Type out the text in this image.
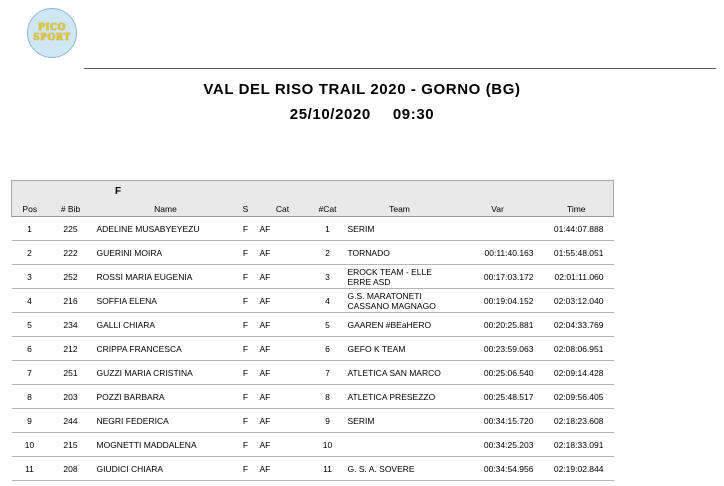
PICO
SPORT
VAL DEL RISO TRAIL 2020 - GORNO (BG)
25/10/2020 09:30
F								
Pos	# Bib	Name	S	Cat	#Cat	Team	Var	Time
1	225	ADELINE MUSABYEYEZU	F	AF	1	SERIM		01:44:07.888
2	222	GUERINI MOIRA	F	AF	2	TORNADO	00:11:40.163	01:55:48.051
3	252	ROSSI MARIA EUGENIA	F	AF	3	EROCK TEAM - ELLE ERRE ASD	00:17:03.172	02:01:11.060
4	216	SOFFIA ELENA	F	AF	4	G.S. MARATONETI CASSANO MAGNAGO	00:19:04.152	02:03:12.040
5	234	GALLI CHIARA	F	AF	5	GAAREN #BEaHERO	00:20:25.881	02:04:33.769
6	212	CRIPPA FRANCESCA	F	AF	6	GEFO K TEAM	00:23:59.063	02:08:06.951
7	251	GUZZI MARIA CRISTINA	F	AF	7	ATLETICA SAN MARCO	00:25:06.540	02:09:14.428
8	203	POZZI BARBARA	F	AF	8	ATLETICA PRESEZZO	00:25:48.517	02:09:56.405
9	244	NEGRI FEDERICA	F	AF	9	SERIM	00:34:15.720	02:18:23.608
10	215	MOGNETTI MADDALENA	F	AF	10		00:34:25.203	02:18:33.091
11	208	GIUDICI CHIARA	F	AF	11	G. S. A. SOVERE	00:34:54.956	02:19:02.844
